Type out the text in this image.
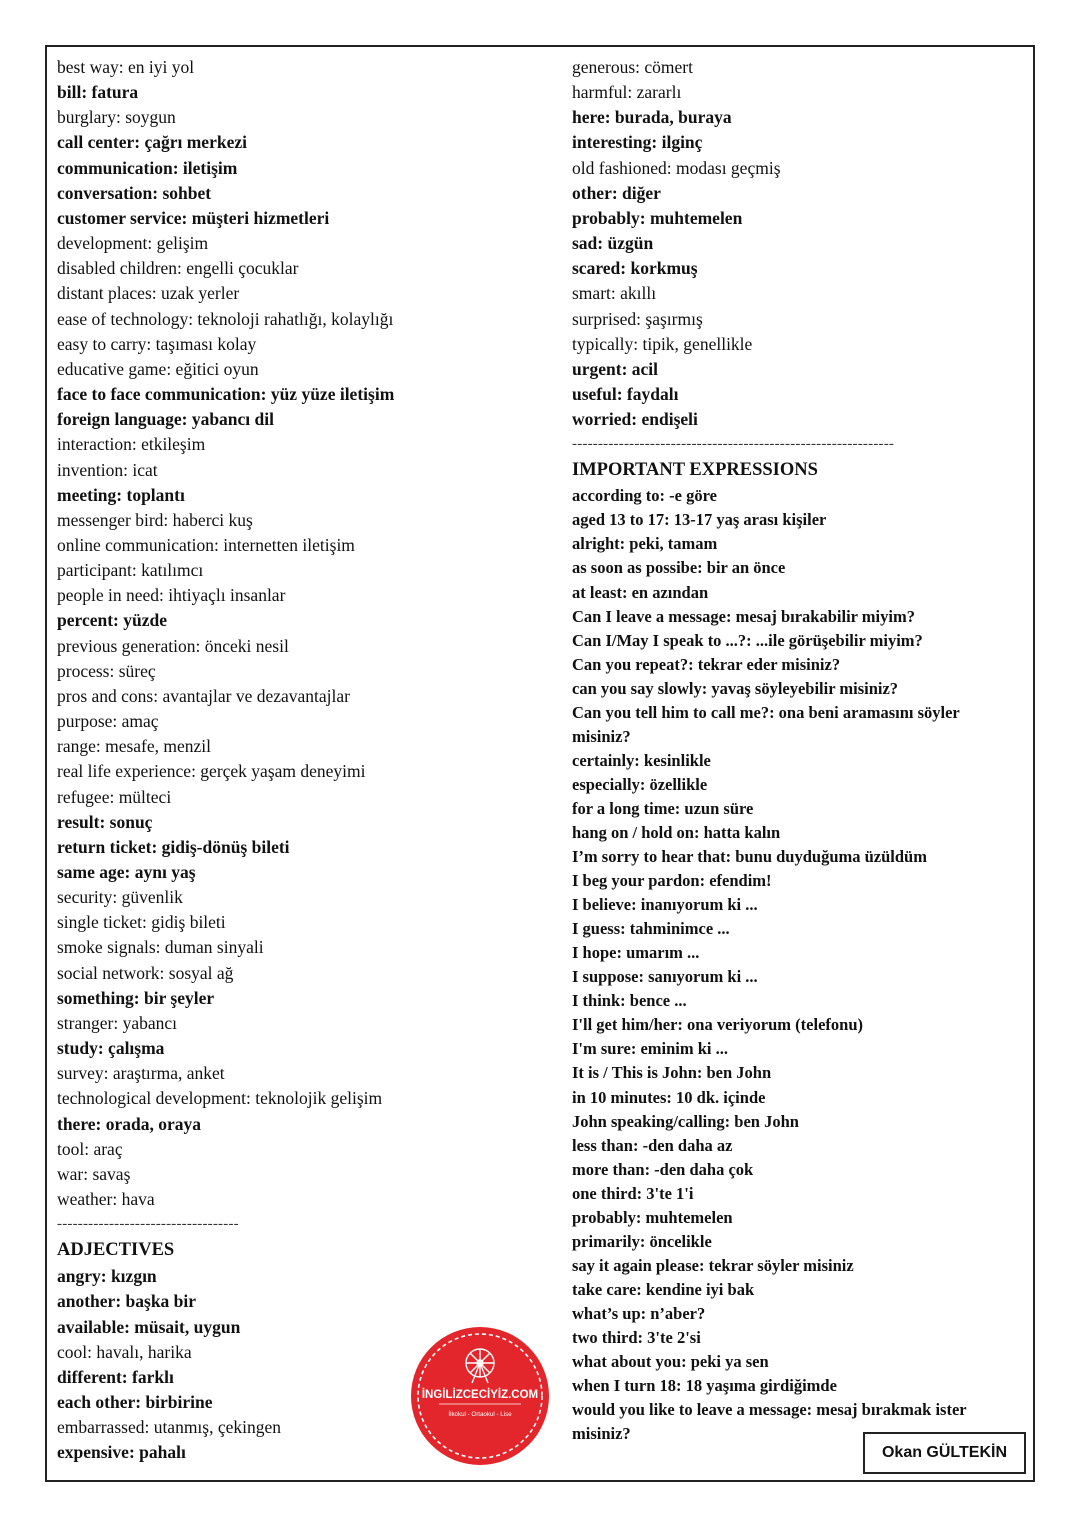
best way: en iyi yol
bill: fatura
burglary: soygun
call center: çağrı merkezi
communication: iletişim
conversation: sohbet
customer service: müşteri hizmetleri
development: gelişim
disabled children: engelli çocuklar
distant places: uzak yerler
ease of technology: teknoloji rahatlığı, kolaylığı
easy to carry: taşıması kolay
educative game: eğitici oyun
face to face communication: yüz yüze iletişim
foreign language: yabancı dil
interaction: etkileşim
invention: icat
meeting: toplantı
messenger bird: haberci kuş
online communication: internetten iletişim
participant: katılımcı
people in need: ihtiyaçlı insanlar
percent: yüzde
previous generation: önceki nesil
process: süreç
pros and cons: avantajlar ve dezavantajlar
purpose: amaç
range: mesafe, menzil
real life experience: gerçek yaşam deneyimi
refugee: mülteci
result: sonuç
return ticket: gidiş-dönüş bileti
same age: aynı yaş
security: güvenlik
single ticket: gidiş bileti
smoke signals: duman sinyali
social network: sosyal ağ
something: bir şeyler
stranger: yabancı
study: çalışma
survey: araştırma, anket
technological development: teknolojik gelişim
there: orada, oraya
tool: araç
war: savaş
weather: hava
-----------------------------------
ADJECTIVES
angry: kızgın
another: başka bir
available: müsait, uygun
cool: havalı, harika
different: farklı
each other: birbirine
embarrassed: utanmış, çekingen
expensive: pahalı
generous: cömert
harmful: zararlı
here: burada, buraya
interesting: ilginç
old fashioned: modası geçmiş
other: diğer
probably: muhtemelen
sad: üzgün
scared: korkmuş
smart: akıllı
surprised: şaşırmış
typically: tipik, genellikle
urgent: acil
useful: faydalı
worried: endişeli
--------------------------------------------------------------
IMPORTANT EXPRESSIONS
according to: -e göre
aged 13 to 17: 13-17 yaş arası kişiler
alright: peki, tamam
as soon as possibe: bir an önce
at least: en azından
Can I leave a message: mesaj bırakabilir miyim?
Can I/May I speak to ...?: ...ile görüşebilir miyim?
Can you repeat?: tekrar eder misiniz?
can you say slowly: yavaş söyleyebilir misiniz?
Can you tell him to call me?: ona beni aramasını söyler
misiniz?
certainly: kesinlikle
especially: özellikle
for a long time: uzun süre
hang on / hold on: hatta kalın
I’m sorry to hear that: bunu duyduğuma üzüldüm
I beg your pardon: efendim!
I believe: inanıyorum ki ...
I guess: tahminimce ...
I hope: umarım ...
I suppose: sanıyorum ki ...
I think: bence ...
I'll get him/her: ona veriyorum (telefonu)
I'm sure: eminim ki ...
It is / This is John: ben John
in 10 minutes: 10 dk. içinde
John speaking/calling: ben John
less than: -den daha az
more than: -den daha çok
one third: 3'te 1'i
probably: muhtemelen
primarily: öncelikle
say it again please: tekrar söyler misiniz
take care: kendine iyi bak
what’s up: n’aber?
two third: 3'te 2'si
what about you: peki ya sen
when I turn 18: 18 yaşıma girdiğimde
would you like to leave a message: mesaj bırakmak ister
misiniz?
İNGİLİZCECİYİZ.COM
İlkokul - Ortaokul - Lise
Okan GÜLTEKİN
